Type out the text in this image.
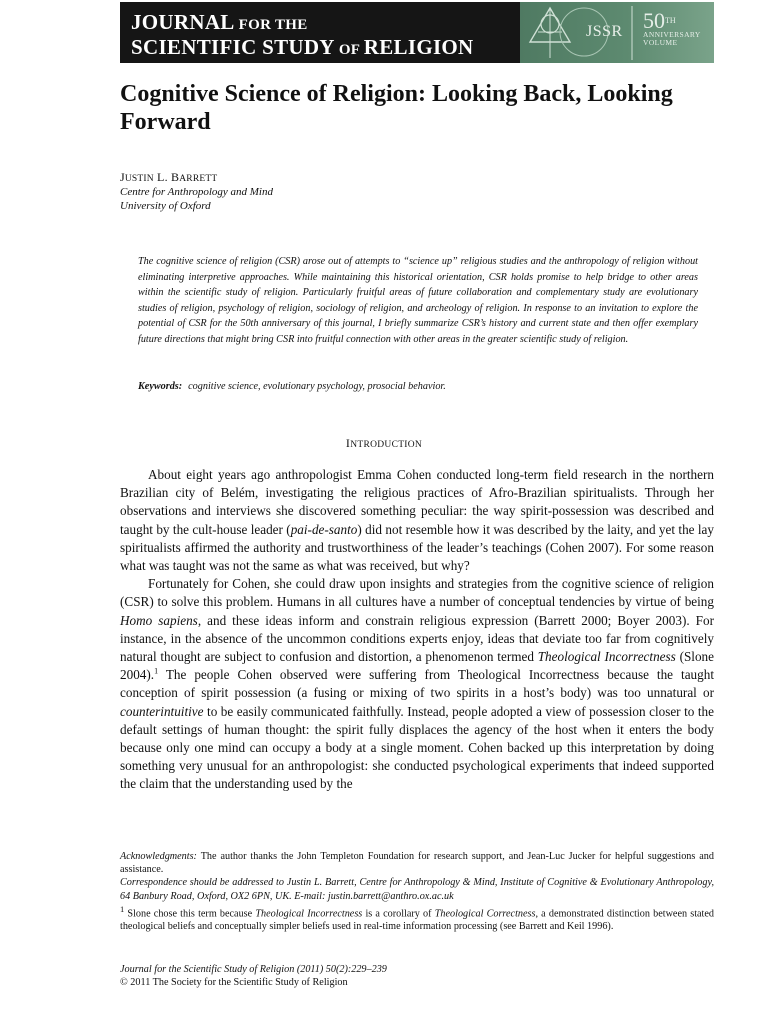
JOURNAL FOR THE
SCIENTIFIC STUDY OF RELIGION
JSSR 50TH
ANNIVERSARY
VOLUME
Cognitive Science of Religion: Looking Back, Looking Forward
JUSTIN L. BARRETT
Centre for Anthropology and Mind
University of Oxford

The cognitive science of religion (CSR) arose out of attempts to “science up” religious studies and the anthropology of religion without eliminating interpretive approaches. While maintaining this historical orientation, CSR holds promise to help bridge to other areas within the scientific study of religion. Particularly fruitful areas of future collaboration and complementary study are evolutionary studies of religion, psychology of religion, sociology of religion, and archeology of religion. In response to an invitation to explore the potential of CSR for the 50th anniversary of this journal, I briefly summarize CSR’s history and current state and then offer exemplary future directions that might bring CSR into fruitful connection with other areas in the greater scientific study of religion.

Keywords: cognitive science, evolutionary psychology, prosocial behavior.
INTRODUCTION

About eight years ago anthropologist Emma Cohen conducted long-term field research in the northern Brazilian city of Belém, investigating the religious practices of Afro-Brazilian spiritualists. Through her observations and interviews she discovered something peculiar: the way spirit-possession was described and taught by the cult-house leader (pai-de-santo) did not resemble how it was described by the laity, and yet the lay spiritualists affirmed the authority and trustworthiness of the leader’s teachings (Cohen 2007). For some reason what was taught was not the same as what was received, but why?

Fortunately for Cohen, she could draw upon insights and strategies from the cognitive science of religion (CSR) to solve this problem. Humans in all cultures have a number of conceptual tendencies by virtue of being Homo sapiens, and these ideas inform and constrain religious expression (Barrett 2000; Boyer 2003). For instance, in the absence of the uncommon conditions experts enjoy, ideas that deviate too far from cognitively natural thought are subject to confusion and distortion, a phenomenon termed Theological Incorrectness (Slone 2004).$^1$ The people Cohen observed were suffering from Theological Incorrectness because the taught conception of spirit possession (a fusing or mixing of two spirits in a host’s body) was too unnatural or counterintuitive to be easily communicated faithfully. Instead, people adopted a view of possession closer to the default settings of human thought: the spirit fully displaces the agency of the host when it enters the body because only one mind can occupy a body at a single moment. Cohen backed up this interpretation by doing something very unusual for an anthropologist: she conducted psychological experiments that indeed supported the claim that the understanding used by the

Acknowledgments: The author thanks the John Templeton Foundation for research support, and Jean-Luc Jucker for helpful suggestions and assistance.

Correspondence should be addressed to Justin L. Barrett, Centre for Anthropology & Mind, Institute of Cognitive & Evolutionary Anthropology, 64 Banbury Road, Oxford, OX2 6PN, UK. E-mail: justin.barrett@anthro.ox.ac.uk

$^1$ Slone chose this term because Theological Incorrectness is a corollary of Theological Correctness, a demonstrated distinction between stated theological beliefs and conceptually simpler beliefs used in real-time information processing (see Barrett and Keil 1996).

Journal for the Scientific Study of Religion (2011) 50(2):229–239
© 2011 The Society for the Scientific Study of Religion
